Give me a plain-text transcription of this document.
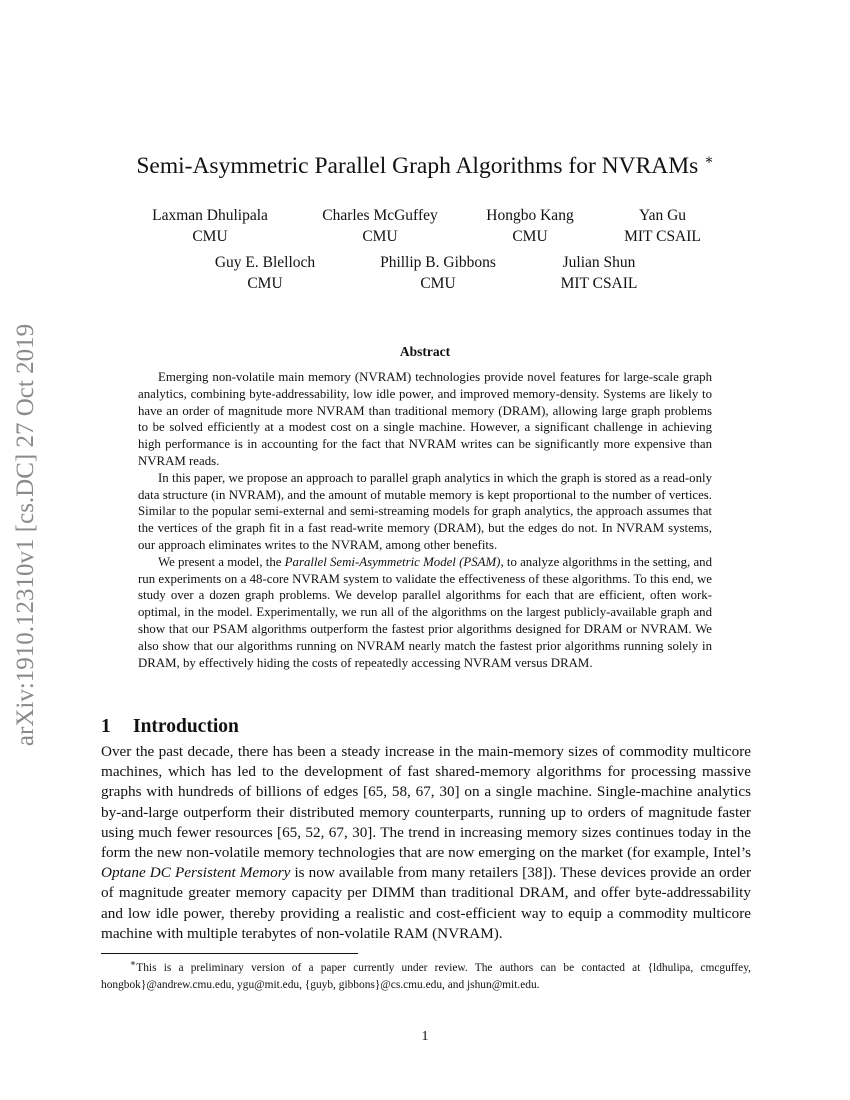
arXiv:1910.12310v1 [cs.DC] 27 Oct 2019
Semi-Asymmetric Parallel Graph Algorithms for NVRAMs ∗
Laxman Dhulipala
CMU
Charles McGuffey
CMU
Hongbo Kang
CMU
Yan Gu
MIT CSAIL
Guy E. Blelloch
CMU
Phillip B. Gibbons
CMU
Julian Shun
MIT CSAIL
Abstract

Emerging non-volatile main memory (NVRAM) technologies provide novel features for large-scale graph analytics, combining byte-addressability, low idle power, and improved memory-density. Systems are likely to have an order of magnitude more NVRAM than traditional memory (DRAM), allowing large graph problems to be solved efficiently at a modest cost on a single machine. However, a significant challenge in achieving high performance is in accounting for the fact that NVRAM writes can be significantly more expensive than NVRAM reads.

In this paper, we propose an approach to parallel graph analytics in which the graph is stored as a read-only data structure (in NVRAM), and the amount of mutable memory is kept proportional to the number of vertices. Similar to the popular semi-external and semi-streaming models for graph analytics, the approach assumes that the vertices of the graph fit in a fast read-write memory (DRAM), but the edges do not. In NVRAM systems, our approach eliminates writes to the NVRAM, among other benefits.

We present a model, the Parallel Semi-Asymmetric Model (PSAM), to analyze algorithms in the setting, and run experiments on a 48-core NVRAM system to validate the effectiveness of these algorithms. To this end, we study over a dozen graph problems. We develop parallel algorithms for each that are efficient, often work-optimal, in the model. Experimentally, we run all of the algorithms on the largest publicly-available graph and show that our PSAM algorithms outperform the fastest prior algorithms designed for DRAM or NVRAM. We also show that our algorithms running on NVRAM nearly match the fastest prior algorithms running solely in DRAM, by effectively hiding the costs of repeatedly accessing NVRAM versus DRAM.

1 Introduction

Over the past decade, there has been a steady increase in the main-memory sizes of commodity multicore machines, which has led to the development of fast shared-memory algorithms for processing massive graphs with hundreds of billions of edges [65, 58, 67, 30] on a single machine. Single-machine analytics by-and-large outperform their distributed memory counterparts, running up to orders of magnitude faster using much fewer resources [65, 52, 67, 30]. The trend in increasing memory sizes continues today in the form the new non-volatile memory technologies that are now emerging on the market (for example, Intel’s Optane DC Persistent Memory is now available from many retailers [38]). These devices provide an order of magnitude greater memory capacity per DIMM than traditional DRAM, and offer byte-addressability and low idle power, thereby providing a realistic and cost-efficient way to equip a commodity multicore machine with multiple terabytes of non-volatile RAM (NVRAM).

∗This is a preliminary version of a paper currently under review. The authors can be contacted at {ldhulipa, cmcguffey, hongbok}@andrew.cmu.edu, ygu@mit.edu, {guyb, gibbons}@cs.cmu.edu, and jshun@mit.edu.

1
